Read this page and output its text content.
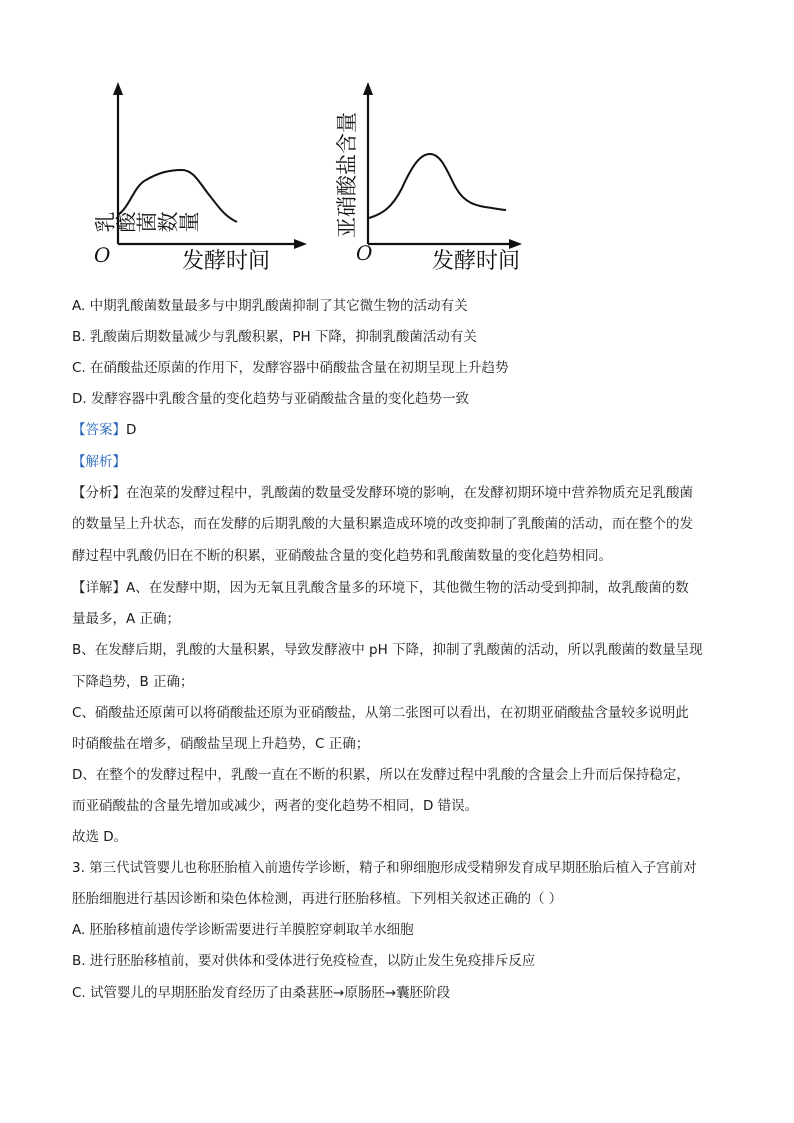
O	发酵时间
乳酸菌数量
O	发酵时间
亚硝酸盐含量
A. 中期乳酸菌数量最多与中期乳酸菌抑制了其它微生物的活动有关
B. 乳酸菌后期数量减少与乳酸积累，PH 下降，抑制乳酸菌活动有关
C. 在硝酸盐还原菌的作用下，发酵容器中硝酸盐含量在初期呈现上升趋势
D. 发酵容器中乳酸含量的变化趋势与亚硝酸盐含量的变化趋势一致
【答案】D
【解析】
【分析】在泡菜的发酵过程中，乳酸菌的数量受发酵环境的影响，在发酵初期环境中营养物质充足乳酸菌
的数量呈上升状态，而在发酵的后期乳酸的大量积累造成环境的改变抑制了乳酸菌的活动，而在整个的发
酵过程中乳酸仍旧在不断的积累，亚硝酸盐含量的变化趋势和乳酸菌数量的变化趋势相同。
【详解】A、在发酵中期，因为无氧且乳酸含量多的环境下，其他微生物的活动受到抑制，故乳酸菌的数
量最多，A 正确；
B、在发酵后期，乳酸的大量积累，导致发酵液中 pH 下降，抑制了乳酸菌的活动，所以乳酸菌的数量呈现
下降趋势，B 正确；
C、硝酸盐还原菌可以将硝酸盐还原为亚硝酸盐，从第二张图可以看出，在初期亚硝酸盐含量较多说明此
时硝酸盐在增多，硝酸盐呈现上升趋势，C 正确；
D、在整个的发酵过程中，乳酸一直在不断的积累，所以在发酵过程中乳酸的含量会上升而后保持稳定，
而亚硝酸盐的含量先增加或减少，两者的变化趋势不相同，D 错误。
故选 D。
3. 第三代试管婴儿也称胚胎植入前遗传学诊断，精子和卵细胞形成受精卵发育成早期胚胎后植入子宫前对
胚胎细胞进行基因诊断和染色体检测，再进行胚胎移植。下列相关叙述正确的（ ）
A. 胚胎移植前遗传学诊断需要进行羊膜腔穿刺取羊水细胞
B. 进行胚胎移植前，要对供体和受体进行免疫检查，以防止发生免疫排斥反应
C. 试管婴儿的早期胚胎发育经历了由桑葚胚→原肠胚→囊胚阶段
